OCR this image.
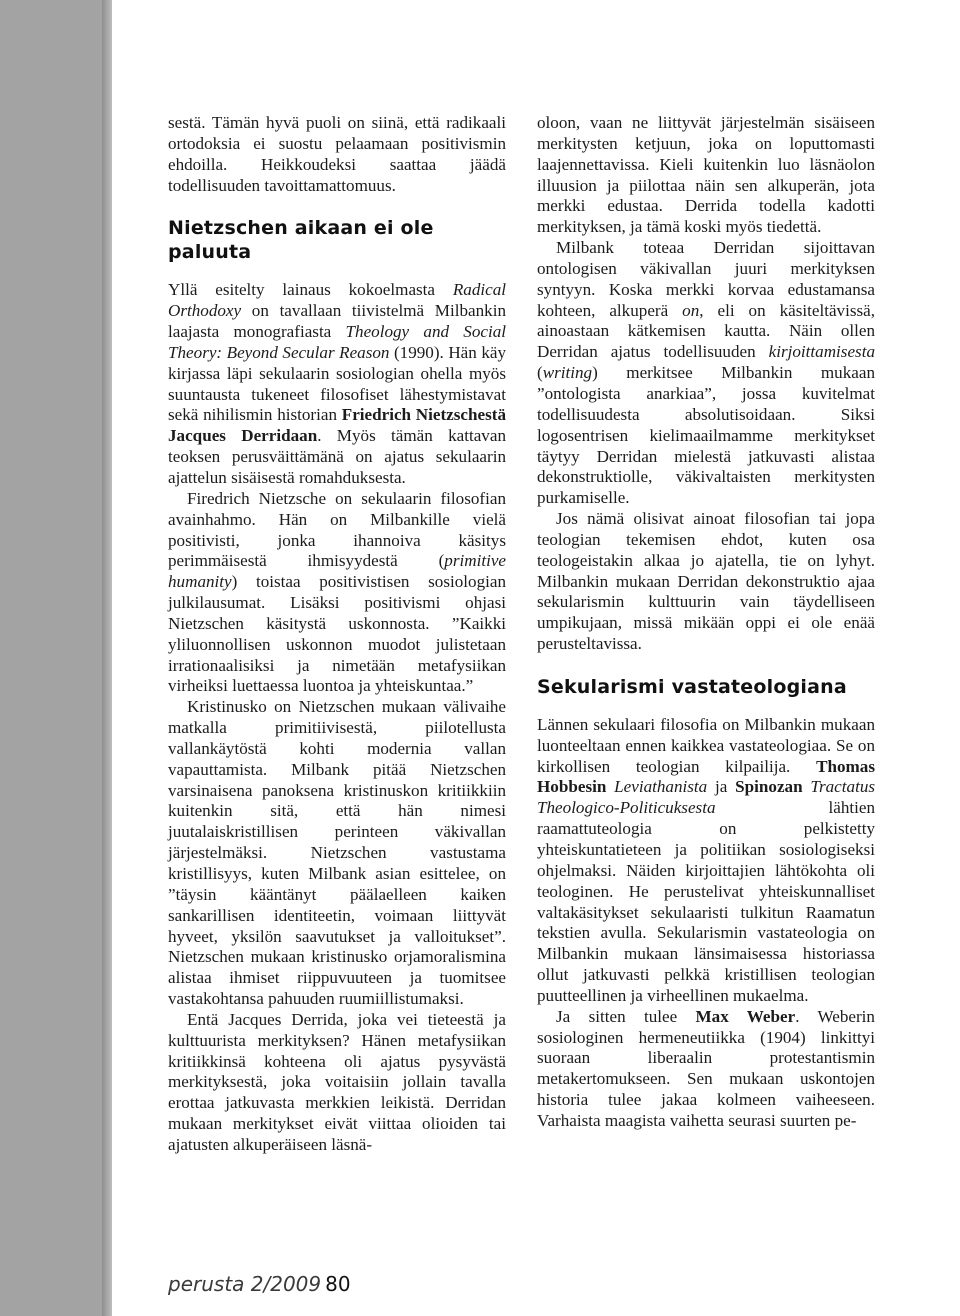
sestä. Tämän hyvä puoli on siinä, että radikaali ortodoksia ei suostu pelaamaan positivismin ehdoilla. Heikkoudeksi saattaa jäädä todellisuuden tavoittamattomuus.

Nietzschen aikaan ei ole paluuta

Yllä esitelty lainaus kokoelmasta Radical Orthodoxy on tavallaan tiivistelmä Milbankin laajasta monografiasta Theology and Social Theory: Beyond Secular Reason (1990). Hän käy kirjassa läpi sekulaarin sosiologian ohella myös suuntausta tukeneet filosofiset lähestymistavat sekä nihilismin historian Friedrich Nietzschestä Jacques Derridaan. Myös tämän kattavan teoksen perusväittämänä on ajatus sekulaarin ajattelun sisäisestä romahduksesta.

Firedrich Nietzsche on sekulaarin filosofian avainhahmo. Hän on Milbankille vielä positivisti, jonka ihannoiva käsitys perimmäisestä ihmisyydestä (primitive humanity) toistaa positivistisen sosiologian julkilausumat. Lisäksi positivismi ohjasi Nietzschen käsitystä uskonnosta. ”Kaikki yliluonnollisen uskonnon muodot julistetaan irrationaalisiksi ja nimetään metafysiikan virheiksi luettaessa luontoa ja yhteiskuntaa.”

Kristinusko on Nietzschen mukaan välivaihe matkalla primitiivisestä, piilotellusta vallankäytöstä kohti modernia vallan vapauttamista. Milbank pitää Nietzschen varsinaisena panoksena kristinuskon kritiikkiin kuitenkin sitä, että hän nimesi juutalaiskristillisen perinteen väkivallan järjestelmäksi. Nietzschen vastustama kristillisyys, kuten Milbank asian esittelee, on ”täysin kääntänyt päälaelleen kaiken sankarillisen identiteetin, voimaan liittyvät hyveet, yksilön saavutukset ja valloitukset”. Nietzschen mukaan kristinusko orjamoralismina alistaa ihmiset riippuvuuteen ja tuomitsee vastakohtansa pahuuden ruumiillistumaksi.

Entä Jacques Derrida, joka vei tieteestä ja kulttuurista merkityksen? Hänen metafysiikan kritiikkinsä kohteena oli ajatus pysyvästä merkityksestä, joka voitaisiin jollain tavalla erottaa jatkuvasta merkkien leikistä. Derridan mukaan merkitykset eivät viittaa olioiden tai ajatusten alkuperäiseen läsnä-

oloon, vaan ne liittyvät järjestelmän sisäiseen merkitysten ketjuun, joka on loputtomasti laajennettavissa. Kieli kuitenkin luo läsnäolon illuusion ja piilottaa näin sen alkuperän, jota merkki edustaa. Derrida todella kadotti merkityksen, ja tämä koski myös tiedettä.

Milbank toteaa Derridan sijoittavan ontologisen väkivallan juuri merkityksen syntyyn. Koska merkki korvaa edustamansa kohteen, alkuperä on, eli on käsiteltävissä, ainoastaan kätkemisen kautta. Näin ollen Derridan ajatus todellisuuden kirjoittamisesta (writing) merkitsee Milbankin mukaan ”ontologista anarkiaa”, jossa kuvitelmat todellisuudesta absolutisoidaan. Siksi logosentrisen kielimaailmamme merkitykset täytyy Derridan mielestä jatkuvasti alistaa dekonstruktiolle, väkivaltaisten merkitysten purkamiselle.

Jos nämä olisivat ainoat filosofian tai jopa teologian tekemisen ehdot, kuten osa teologeistakin alkaa jo ajatella, tie on lyhyt. Milbankin mukaan Derridan dekonstruktio ajaa sekularismin kulttuurin vain täydelliseen umpikujaan, missä mikään oppi ei ole enää perusteltavissa.

Sekularismi vastateologiana

Lännen sekulaari filosofia on Milbankin mukaan luonteeltaan ennen kaikkea vastateologiaa. Se on kirkollisen teologian kilpailija. Thomas Hobbesin Leviathanista ja Spinozan Tractatus Theologico-Politicuksesta lähtien raamattuteologia on pelkistetty yhteiskuntatieteen ja politiikan sosiologiseksi ohjelmaksi. Näiden kirjoittajien lähtökohta oli teologinen. He perustelivat yhteiskunnalliset valtakäsitykset sekulaaristi tulkitun Raamatun tekstien avulla. Sekularismin vastateologia on Milbankin mukaan länsimaisessa historiassa ollut jatkuvasti pelkkä kristillisen teologian puutteellinen ja virheellinen mukaelma.

Ja sitten tulee Max Weber. Weberin sosiologinen hermeneutiikka (1904) linkittyi suoraan liberaalin protestantismin metakertomukseen. Sen mukaan uskontojen historia tulee jakaa kolmeen vaiheeseen. Varhaista maagista vaihetta seurasi suurten pe-

perusta 2/2009 80
